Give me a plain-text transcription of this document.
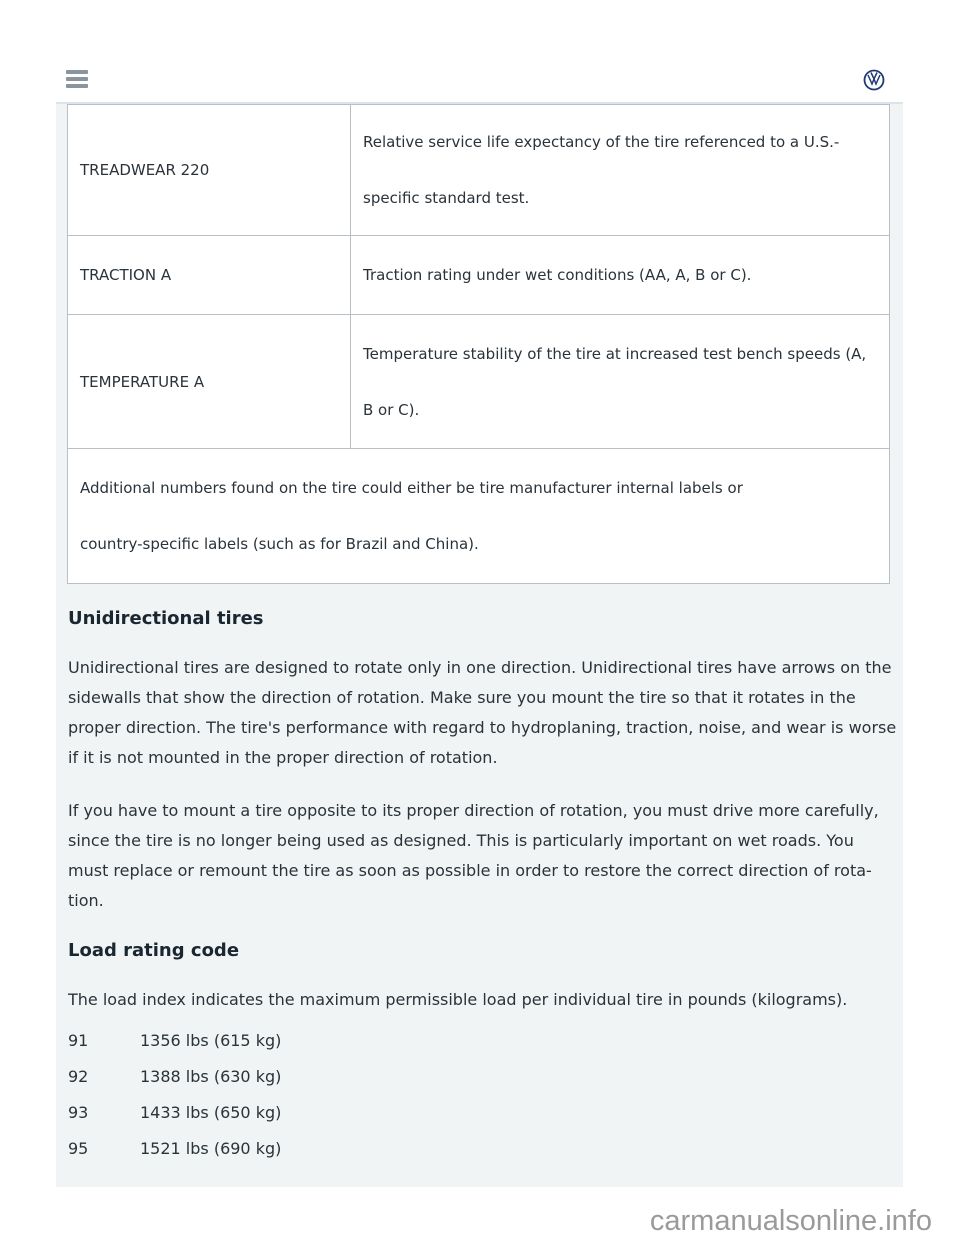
TREADWEAR 220	Relative service life expectancy of the tire referenced to a U.S.-specific standard test.
TRACTION A	Traction rating under wet conditions (AA, A, B or C).
TEMPERATURE A	Temperature stability of the tire at increased test bench speeds (A, B or C).
Additional numbers found on the tire could either be tire manufacturer internal labels or country-specific labels (such as for Brazil and China).	
Unidirectional tires
Unidirectional tires are designed to rotate only in one direction. Unidirectional tires have arrows on the sidewalls that show the direction of rotation. Make sure you mount the tire so that it rotates in the proper direction. The tire's performance with regard to hydroplaning, traction, noise, and wear is worse if it is not mounted in the proper direction of rotation.
If you have to mount a tire opposite to its proper direction of rotation, you must drive more carefully, since the tire is no longer being used as designed. This is particularly important on wet roads. You must replace or remount the tire as soon as possible in order to restore the correct direction of rota-tion.
Load rating code
The load index indicates the maximum permissible load per individual tire in pounds (kilograms).
91	1356 lbs (615 kg)
92	1388 lbs (630 kg)
93	1433 lbs (650 kg)
95	1521 lbs (690 kg)
carmanualsonline.info
